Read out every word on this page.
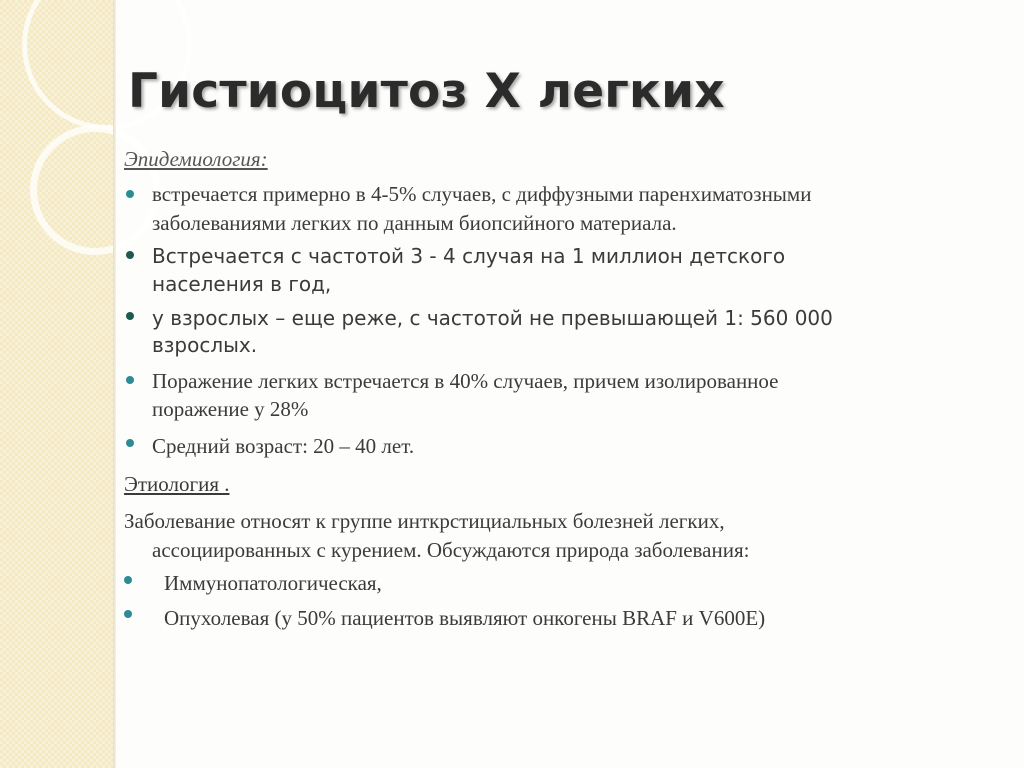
Гистиоцитоз Х легких
Эпидемиология:
встречается примерно в 4-5% случаев, с диффузными паренхиматозными
заболеваниями легких по данным биопсийного материала.
Встречается с частотой 3 - 4 случая на 1 миллион детского
населения в год,
у взрослых – еще реже, с частотой не превышающей 1: 560 000
взрослых.
Поражение легких встречается в 40% случаев, причем изолированное
поражение у 28%
Средний возраст: 20 – 40 лет.
Этиология .
Заболевание относят к группе инткрстициальных болезней легких,
ассоциированных с курением. Обсуждаются природа заболевания:
Иммунопатологическая,
Опухолевая (у 50% пациентов выявляют онкогены BRAF и V600E)
